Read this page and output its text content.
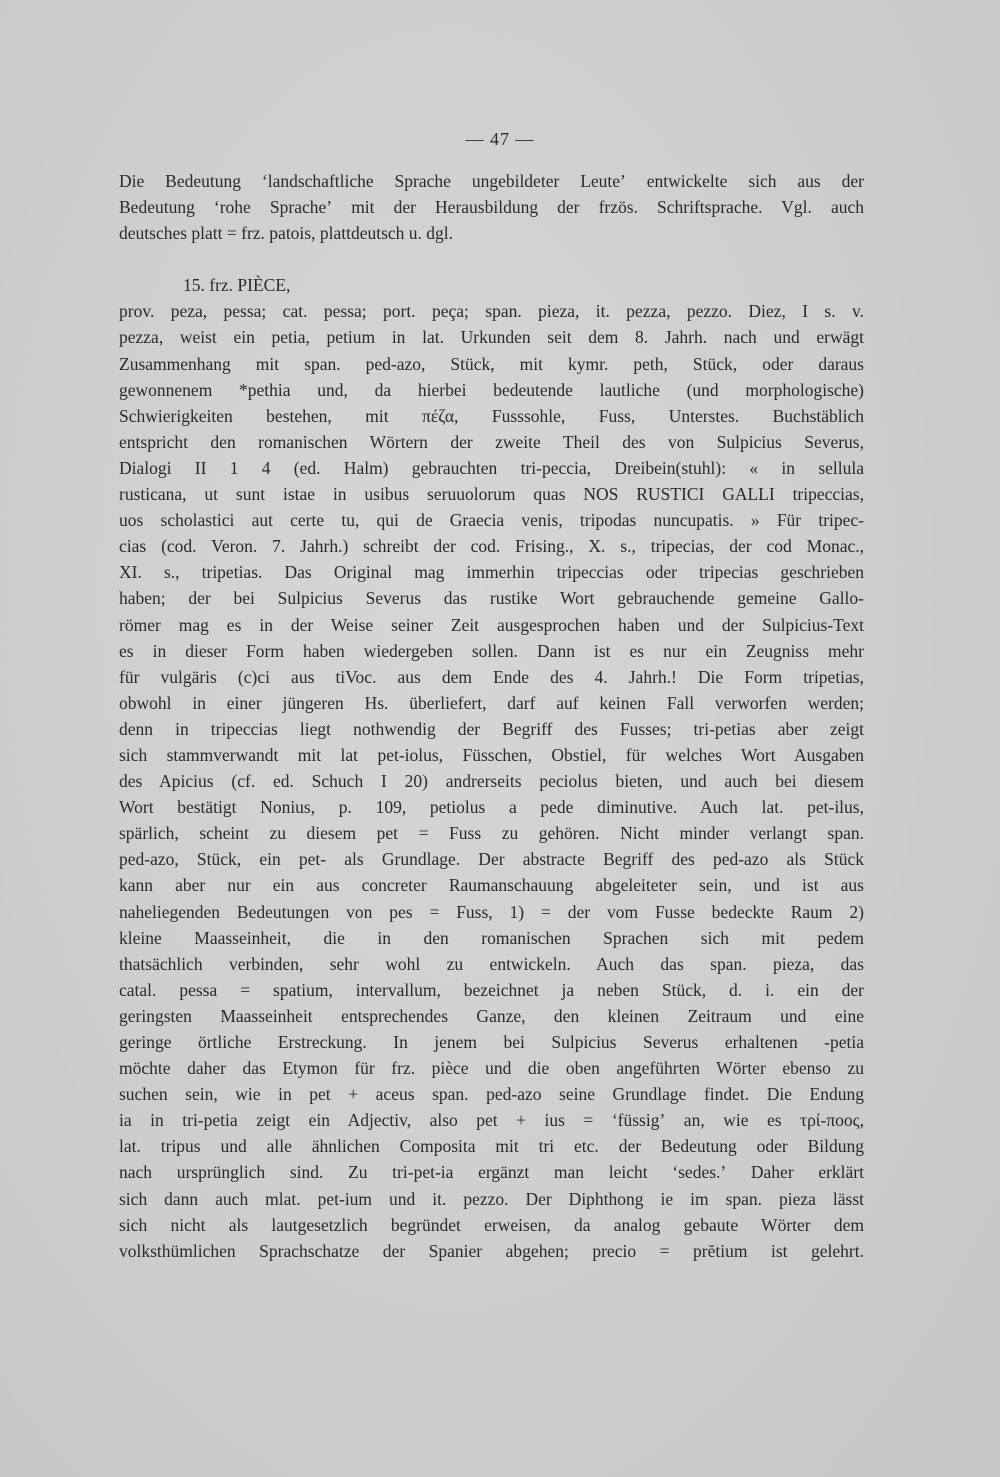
— 47 —
Die Bedeutung ʻlandschaftliche Sprache ungebildeter Leuteʼ entwickelte sich aus der
Bedeutung ʻrohe Spracheʼ mit der Herausbildung der frzös. Schriftsprache. Vgl. auch
deutsches platt = frz. patois, plattdeutsch u. dgl.
15. frz. PIÈCE,
prov. peza, pessa; cat. pessa; port. peça; span. pieza, it. pezza, pezzo. Diez, I s. v.
pezza, weist ein petia, petium in lat. Urkunden seit dem 8. Jahrh. nach und erwägt
Zusammenhang mit span. ped-azo, Stück, mit kymr. peth, Stück, oder daraus
gewonnenem *pethia und, da hierbei bedeutende lautliche (und morphologische)
Schwierigkeiten bestehen, mit πέζα, Fusssohle, Fuss, Unterstes. Buchstäblich
entspricht den romanischen Wörtern der zweite Theil des von Sulpicius Severus,
Dialogi II 1 4 (ed. Halm) gebrauchten tri-peccia, Dreibein(stuhl): « in sellula
rusticana, ut sunt istae in usibus seruuolorum quas NOS RUSTICI GALLI tripeccias,
uos scholastici aut certe tu, qui de Graecia venis, tripodas nuncupatis. » Für tripec-
cias (cod. Veron. 7. Jahrh.) schreibt der cod. Frising., X. s., tripecias, der cod Monac.,
XI. s., tripetias. Das Original mag immerhin tripeccias oder tripecias geschrieben
haben; der bei Sulpicius Severus das rustike Wort gebrauchende gemeine Gallo-
römer mag es in der Weise seiner Zeit ausgesprochen haben und der Sulpicius-Text
es in dieser Form haben wiedergeben sollen. Dann ist es nur ein Zeugniss mehr
für vulgäris (c)ci aus tiVoc. aus dem Ende des 4. Jahrh.! Die Form tripetias,
obwohl in einer jüngeren Hs. überliefert, darf auf keinen Fall verworfen werden;
denn in tripeccias liegt nothwendig der Begriff des Fusses; tri-petias aber zeigt
sich stammverwandt mit lat pet-iolus, Füsschen, Obstiel, für welches Wort Ausgaben
des Apicius (cf. ed. Schuch I 20) andrerseits peciolus bieten, und auch bei diesem
Wort bestätigt Nonius, p. 109, petiolus a pede diminutive. Auch lat. pet-ilus,
spärlich, scheint zu diesem pet = Fuss zu gehören. Nicht minder verlangt span.
ped-azo, Stück, ein pet- als Grundlage. Der abstracte Begriff des ped-azo als Stück
kann aber nur ein aus concreter Raumanschauung abgeleiteter sein, und ist aus
naheliegenden Bedeutungen von pes = Fuss, 1) = der vom Fusse bedeckte Raum 2)
kleine Maasseinheit, die in den romanischen Sprachen sich mit pedem
thatsächlich verbinden, sehr wohl zu entwickeln. Auch das span. pieza, das
catal. pessa = spatium, intervallum, bezeichnet ja neben Stück, d. i. ein der
geringsten Maasseinheit entsprechendes Ganze, den kleinen Zeitraum und eine
geringe örtliche Erstreckung. In jenem bei Sulpicius Severus erhaltenen -petia
möchte daher das Etymon für frz. pièce und die oben angeführten Wörter ebenso zu
suchen sein, wie in pet + aceus span. ped-azo seine Grundlage findet. Die Endung
ia in tri-petia zeigt ein Adjectiv, also pet + ius = ʻfüssigʼ an, wie es τρί-ποος,
lat. tripus und alle ähnlichen Composita mit tri etc. der Bedeutung oder Bildung
nach ursprünglich sind. Zu tri-pet-ia ergänzt man leicht ʻsedes.ʼ Daher erklärt
sich dann auch mlat. pet-ium und it. pezzo. Der Diphthong ie im span. pieza lässt
sich nicht als lautgesetzlich begründet erweisen, da analog gebaute Wörter dem
volksthümlichen Sprachschatze der Spanier abgehen; precio = prĕtium ist gelehrt.
